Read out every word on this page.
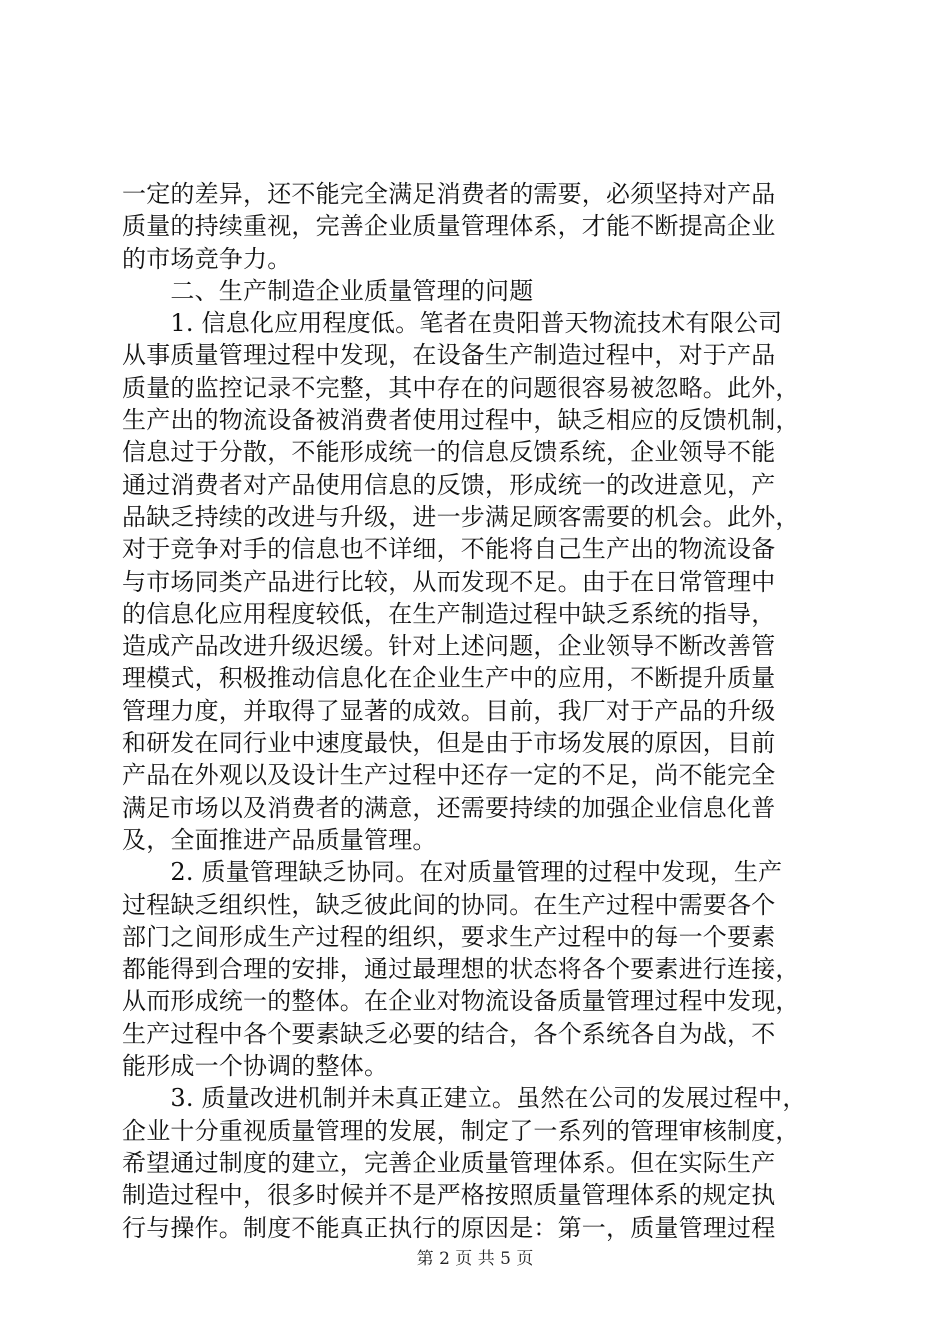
一定的差异，还不能完全满足消费者的需要，必须坚持对产品
质量的持续重视，完善企业质量管理体系，才能不断提高企业
的市场竞争力。
　　二、生产制造企业质量管理的问题
　　1. 信息化应用程度低。笔者在贵阳普天物流技术有限公司
从事质量管理过程中发现，在设备生产制造过程中，对于产品
质量的监控记录不完整，其中存在的问题很容易被忽略。此外，
生产出的物流设备被消费者使用过程中，缺乏相应的反馈机制，
信息过于分散，不能形成统一的信息反馈系统，企业领导不能
通过消费者对产品使用信息的反馈，形成统一的改进意见，产
品缺乏持续的改进与升级，进一步满足顾客需要的机会。此外，
对于竞争对手的信息也不详细，不能将自己生产出的物流设备
与市场同类产品进行比较，从而发现不足。由于在日常管理中
的信息化应用程度较低，在生产制造过程中缺乏系统的指导，
造成产品改进升级迟缓。针对上述问题，企业领导不断改善管
理模式，积极推动信息化在企业生产中的应用，不断提升质量
管理力度，并取得了显著的成效。目前，我厂对于产品的升级
和研发在同行业中速度最快，但是由于市场发展的原因，目前
产品在外观以及设计生产过程中还存一定的不足，尚不能完全
满足市场以及消费者的满意，还需要持续的加强企业信息化普
及，全面推进产品质量管理。
　　2. 质量管理缺乏协同。在对质量管理的过程中发现，生产
过程缺乏组织性，缺乏彼此间的协同。在生产过程中需要各个
部门之间形成生产过程的组织，要求生产过程中的每一个要素
都能得到合理的安排，通过最理想的状态将各个要素进行连接，
从而形成统一的整体。在企业对物流设备质量管理过程中发现，
生产过程中各个要素缺乏必要的结合，各个系统各自为战，不
能形成一个协调的整体。
　　3. 质量改进机制并未真正建立。虽然在公司的发展过程中，
企业十分重视质量管理的发展，制定了一系列的管理审核制度，
希望通过制度的建立，完善企业质量管理体系。但在实际生产
制造过程中，很多时候并不是严格按照质量管理体系的规定执
行与操作。制度不能真正执行的原因是：第一，质量管理过程
第 2 页 共 5 页
